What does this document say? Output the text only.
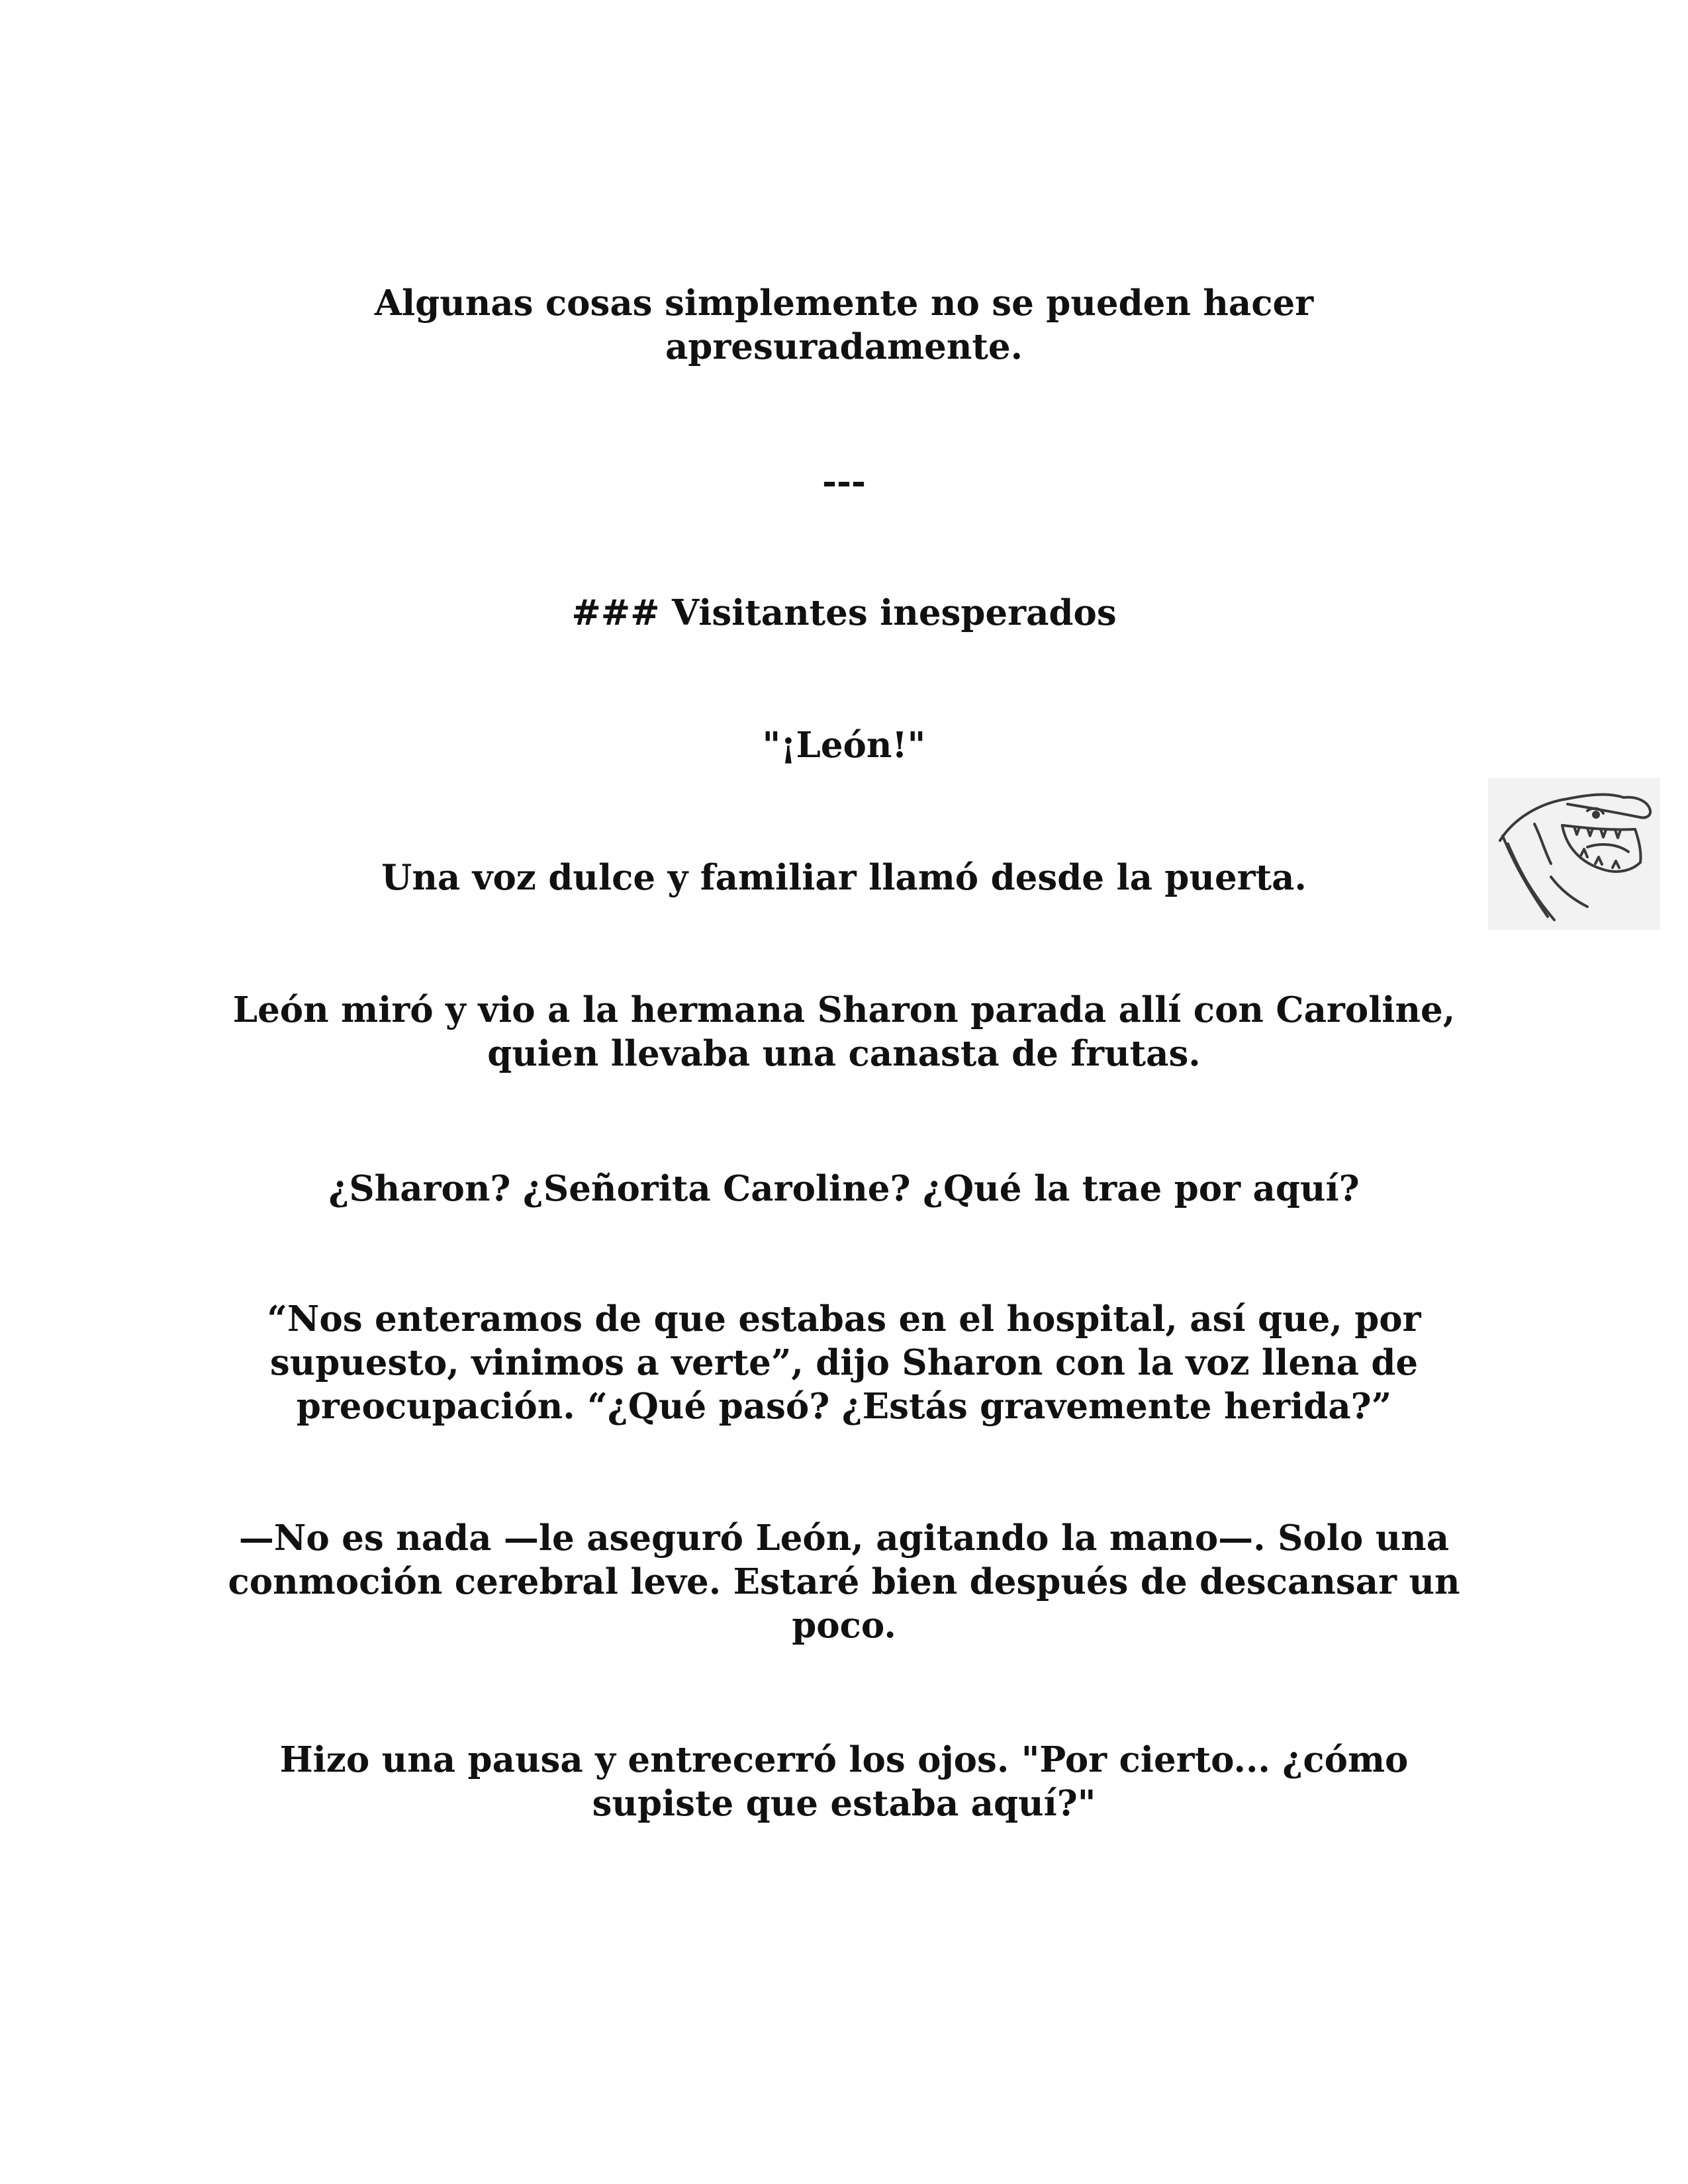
Algunas cosas simplemente no se pueden hacer
apresuradamente.

---

### Visitantes inesperados

"¡León!"

Una voz dulce y familiar llamó desde la puerta.

León miró y vio a la hermana Sharon parada allí con Caroline,
quien llevaba una canasta de frutas.

¿Sharon? ¿Señorita Caroline? ¿Qué la trae por aquí?

“Nos enteramos de que estabas en el hospital, así que, por
supuesto, vinimos a verte”, dijo Sharon con la voz llena de
preocupación. “¿Qué pasó? ¿Estás gravemente herida?”

—No es nada —le aseguró León, agitando la mano—. Solo una
conmoción cerebral leve. Estaré bien después de descansar un
poco.

Hizo una pausa y entrecerró los ojos. "Por cierto... ¿cómo
supiste que estaba aquí?"
